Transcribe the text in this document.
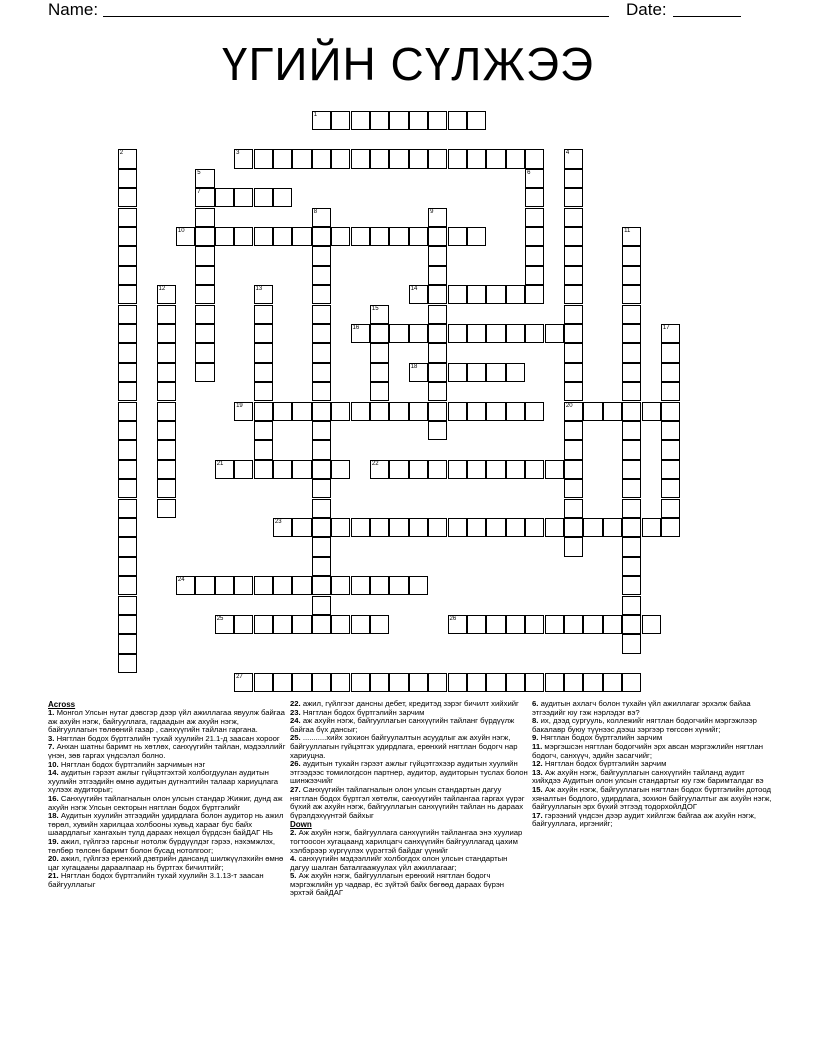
Name:	Date:
ҮГИЙН СҮЛЖЭЭ
1
3
7
10
14
16
18
19	20
21	22
23
24
25	26
27
2	4
5	6
8	9
11
12	13
15
17
Across
1. Монгол Улсын нутаг дэвсгэр дээр үйл ажиллагаа явуулж байгаа аж ахуйн нэгж, байгууллага, гадаадын аж ахуйн нэгж, байгууллагын төлөөний газар , санхүүгийн тайлан гаргана.
3. Нягтлан бодох бүртгэлийн тухай хуулийн 21.1-д заасан хороог
7. Анхан шатны баримт нь хөтлөх, санхүүгийн тайлан, мэдээллийг үнэн, зөв гаргах үндсэлэл болно.
10. Нягтлан бодох бүртгэлийн зарчимын нэг
14. аудитын гэрээт ажлыг гүйцэтгэхтэй холбогдуулан аудитын хуулийн этгээдийн өмнө аудитын дүгнэлтийн талаар хариуцлага хүлээх аудиторыг;
16. Санхүүгийн тайлагналын олон улсын стандар Жижиг, дунд аж ахуйн нэгж Улсын секторын нягтлан бодох бүртгэлийг
18. Аудитын хуулийн этгээдийн удирдлага болон аудитор нь ажил төрөл, хувийн харилцаа холбооны хувьд харааг бус байх шаардлагыг хангахын тулд дараах нөхцөл бүрдсэн байДАГ НЬ
19. ажил, гүйлгээ гарсныг нотолж бүрдүүлдэг гэрээ, нэхэмжлэх, төлбөр төлсөн баримт болон бусад нотолгоог;
20. ажил, гүйлгээ еренхий дэвтрийн дансанд шилжүүлэхийн өмнө цаг хугацааны дараалпаар нь бүртгэх бичилтийг;
21. Нягтлан бодох бүртгэлийн тухай хуулийн 3.1.13-т заасан байгууллагыг
22. ажил, гүйлгээг дансны дебет, кредитэд зэрэг бичилт хийхийг
23. Нягтлан бодох бүртгэлийн зарчим
24. аж ахуйн нэгж, байгууллагын санхүүгийн тайланг бүрдүүлж байгаа бүх дансыг;
25. ...........хийх зохион байгуулалтын асуудлыг аж ахуйн нэгж, байгууллагын гүйцэтгэх удирдлага, ерөнхий нягтлан бодогч нар хариуцна.
26. аудитын тухайн гэрээт ажлыг гүйцэтгэхээр аудитын хуулийн этгээдээс томилогдсон партнер, аудитор, аудиторын туслах болон шинжээчийг
27. Санхүүгийн тайлагналын олон улсын стандартын дагуу нягтлан бодох бүртгэл хөтөлж, санхүүгийн тайлангаа гаргах үүрэг бүхий аж ахуйн нэгж, байгууллагын санхүүгийн тайлан нь дараах бүрэлдэхүүнтэй байхыг
Down
2. Аж ахуйн нэгж, байгууллага санхүүгийн тайлангаа энэ хуулиар тогтоосон хугацаанд харилцагч санхүүгийн байгууллагад цахим хэлбэрээр хүргүүлэх үүрэгтэй байдаг үүнийг
4. санхүүгийн мэдээллийг холбогдох олон улсын стандартын дагуу шалган баталгаажуулах үйл ажиллагааг;
5. Аж ахуйн нэгж, байгууллагын ерөнхий нягтлан бодогч мэргэжлийн ур чадвар, ёс зүйтэй байх бөгөөд дараах бүрэн эрхтэй байДАГ
6. аудитын ахлагч болон тухайн үйл ажиллагаг эрхэлж байаа этгээдийг юу гэж нэрлэдэг вэ?
8. их, дээд сургууль, коллежийг нягтлан бодогчийн мэргэжлээр бакалавр буюу түүнээс дээш зэргээр төгссөн хүнийг;
9. Нягтлан бодох бүртгэлийн зарчим
11. мэргэшсэн нягтлан бодогчийн эрх авсан мэргэжлийн нягтлан бодогч, санхүүч, эдийн засагчийг;
12. Нягтлан бодох бүртгэлийн зарчим
13. Аж ахуйн нэгж, байгууллагын санхүүгийн тайланд аудит хийхдээ Аудитын олон улсын стандартыг юу гэж баримталдаг вэ
15. Аж ахуйн нэгж, байгууллагын нягтлан бодох бүртгэлийн дотоод хяналтын бодлого, удирдлага, зохион байгуулалтыг аж ахуйн нэгж, байгууллагын эрх бүхий этгээд тодорхойлДОГ
17. гэрээний үндсэн дээр аудит хийлгэж байгаа аж ахуйн нэгж, байгууллага, иргэнийг;
